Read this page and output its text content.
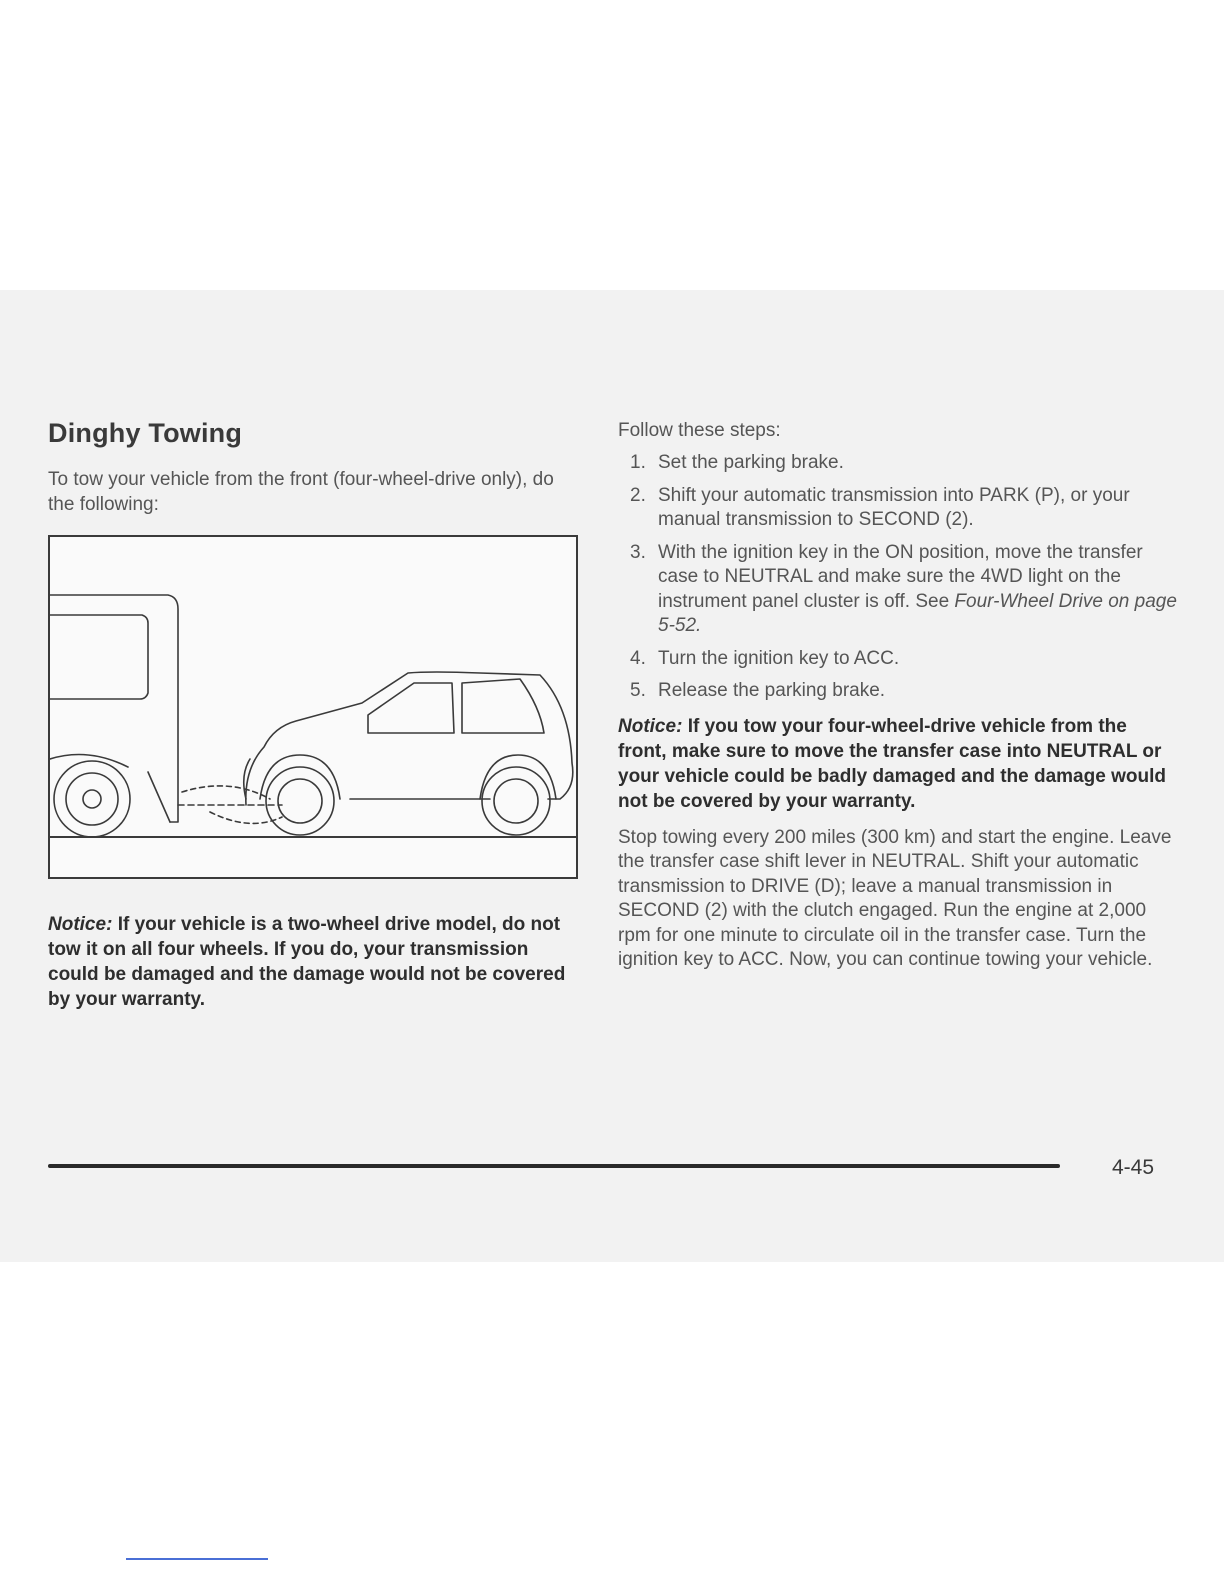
Dinghy Towing

To tow your vehicle from the front (four-wheel-drive only), do the following:

Notice: If your vehicle is a two-wheel drive model, do not tow it on all four wheels. If you do, your transmission could be damaged and the damage would not be covered by your warranty.

Follow these steps:

1. Set the parking brake.
2. Shift your automatic transmission into PARK (P), or your manual transmission to SECOND (2).
3. With the ignition key in the ON position, move the transfer case to NEUTRAL and make sure the 4WD light on the instrument panel cluster is off. See Four-Wheel Drive on page 5-52.
4. Turn the ignition key to ACC.
5. Release the parking brake.
Notice: If you tow your four-wheel-drive vehicle from the front, make sure to move the transfer case into NEUTRAL or your vehicle could be badly damaged and the damage would not be covered by your warranty.
Stop towing every 200 miles (300 km) and start the engine. Leave the transfer case shift lever in NEUTRAL. Shift your automatic transmission to DRIVE (D); leave a manual transmission in SECOND (2) with the clutch engaged. Run the engine at 2,000 rpm for one minute to circulate oil in the transfer case. Turn the ignition key to ACC. Now, you can continue towing your vehicle.
4-45
